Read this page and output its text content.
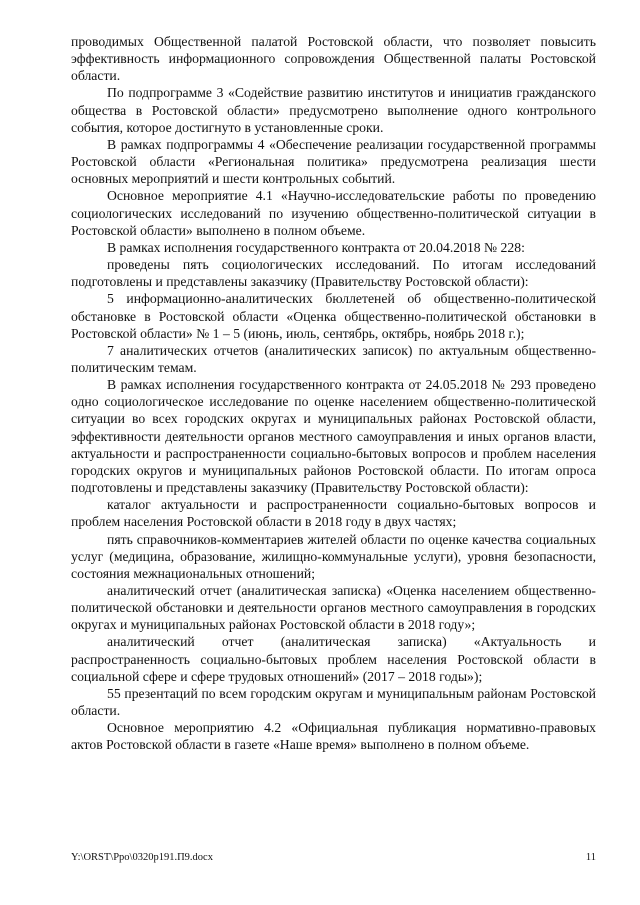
проводимых Общественной палатой Ростовской области, что позволяет повысить эффективность информационного сопровождения Общественной палаты Ростовской области.

По подпрограмме 3 «Содействие развитию институтов и инициатив гражданского общества в Ростовской области» предусмотрено выполнение одного контрольного события, которое достигнуто в установленные сроки.

В рамках подпрограммы 4 «Обеспечение реализации государственной программы Ростовской области «Региональная политика» предусмотрена реализация шести основных мероприятий и шести контрольных событий.

Основное мероприятие 4.1 «Научно-исследовательские работы по проведению социологических исследований по изучению общественно-политической ситуации в Ростовской области» выполнено в полном объеме.

В рамках исполнения государственного контракта от 20.04.2018 № 228:

проведены пять социологических исследований. По итогам исследований подготовлены и представлены заказчику (Правительству Ростовской области):

5 информационно-аналитических бюллетеней об общественно-политической обстановке в Ростовской области «Оценка общественно-политической обстановки в Ростовской области» № 1 – 5 (июнь, июль, сентябрь, октябрь, ноябрь 2018 г.);

7 аналитических отчетов (аналитических записок) по актуальным общественно-политическим темам.

В рамках исполнения государственного контракта от 24.05.2018 № 293 проведено одно социологическое исследование по оценке населением общественно-политической ситуации во всех городских округах и муниципальных районах Ростовской области, эффективности деятельности органов местного самоуправления и иных органов власти, актуальности и распространенности социально-бытовых вопросов и проблем населения городских округов и муниципальных районов Ростовской области. По итогам опроса подготовлены и представлены заказчику (Правительству Ростовской области):

каталог актуальности и распространенности социально-бытовых вопросов и проблем населения Ростовской области в 2018 году в двух частях;

пять справочников-комментариев жителей области по оценке качества социальных услуг (медицина, образование, жилищно-коммунальные услуги), уровня безопасности, состояния межнациональных отношений;

аналитический отчет (аналитическая записка) «Оценка населением общественно-политической обстановки и деятельности органов местного самоуправления в городских округах и муниципальных районах Ростовской области в 2018 году»;

аналитический отчет (аналитическая записка) «Актуальность и распространенность социально-бытовых проблем населения Ростовской области в социальной сфере и сфере трудовых отношений» (2017 – 2018 годы»);

55 презентаций по всем городским округам и муниципальным районам Ростовской области.

Основное мероприятию 4.2 «Официальная публикация нормативно-правовых актов Ростовской области в газете «Наше время» выполнено в полном объеме.

Y:\ORST\Ppo\0320p191.П9.docx	11
